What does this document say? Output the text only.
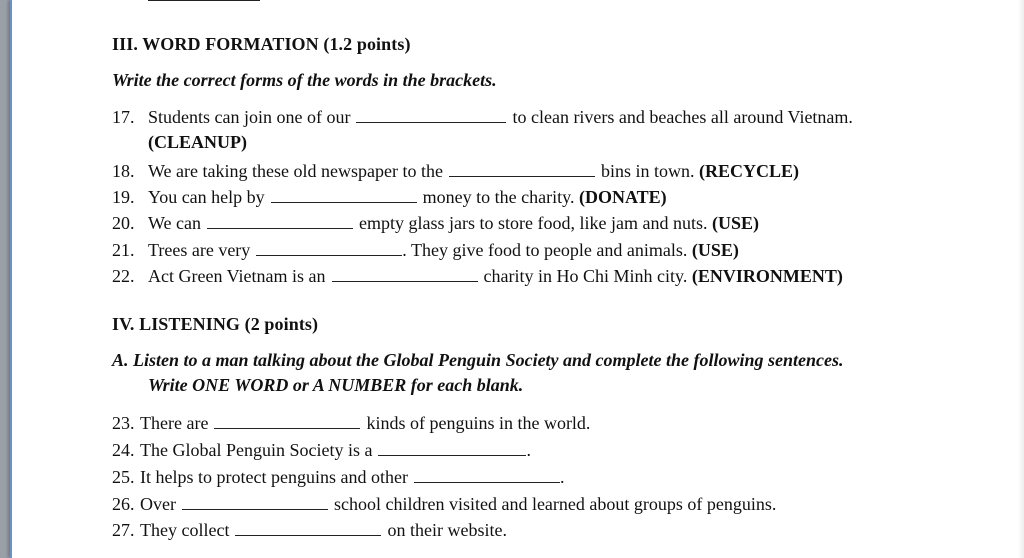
III. WORD FORMATION (1.2 points)
Write the correct forms of the words in the brackets.
17. Students can join one of our	to clean rivers and beaches all around Vietnam.
(CLEANUP)
18. We are taking these old newspaper to the	bins in town. (RECYCLE)
19. You can help by	money to the charity. (DONATE)
20. We can	empty glass jars to store food, like jam and nuts. (USE)
21. Trees are very	. They give food to people and animals. (USE)
22. Act Green Vietnam is an	charity in Ho Chi Minh city. (ENVIRONMENT)
IV. LISTENING (2 points)
A. Listen to a man talking about the Global Penguin Society and complete the following sentences.
Write ONE WORD or A NUMBER for each blank.
23. There are	kinds of penguins in the world.
24. The Global Penguin Society is a	.
25. It helps to protect penguins and other	.
26. Over	school children visited and learned about groups of penguins.
27. They collect	on their website.
